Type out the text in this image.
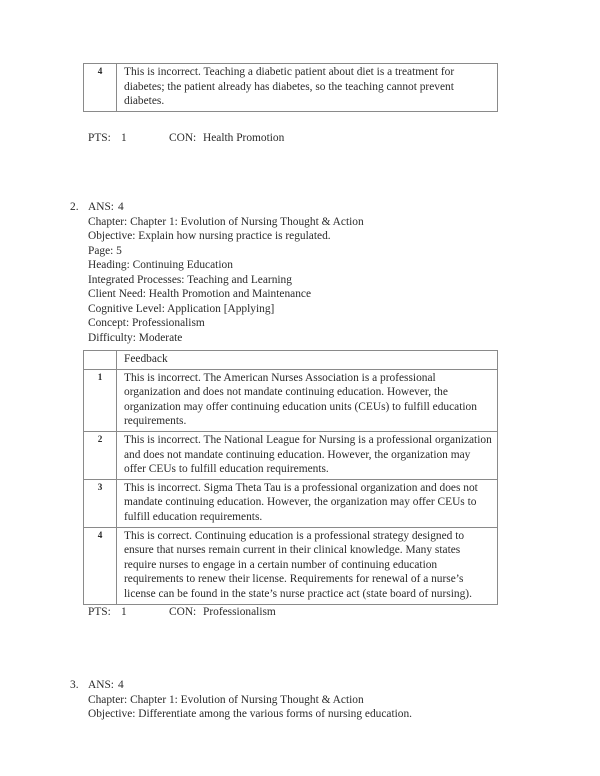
4	This is incorrect. Teaching a diabetic patient about diet is a treatment for diabetes; the patient already has diabetes, so the teaching cannot prevent diabetes.
PTS: 1	CON: Health Promotion
2. ANS: 4
Chapter: Chapter 1: Evolution of Nursing Thought & Action
Objective: Explain how nursing practice is regulated.
Page: 5
Heading: Continuing Education
Integrated Processes: Teaching and Learning
Client Need: Health Promotion and Maintenance
Cognitive Level: Application [Applying]
Concept: Professionalism
Difficulty: Moderate
	Feedback
1	This is incorrect. The American Nurses Association is a professional organization and does not mandate continuing education. However, the organization may offer continuing education units (CEUs) to fulfill education requirements.
2	This is incorrect. The National League for Nursing is a professional organization and does not mandate continuing education. However, the organization may offer CEUs to fulfill education requirements.
3	This is incorrect. Sigma Theta Tau is a professional organization and does not mandate continuing education. However, the organization may offer CEUs to fulfill education requirements.
4	This is correct. Continuing education is a professional strategy designed to ensure that nurses remain current in their clinical knowledge. Many states require nurses to engage in a certain number of continuing education requirements to renew their license. Requirements for renewal of a nurse’s license can be found in the state’s nurse practice act (state board of nursing).
PTS: 1	CON: Professionalism
3. ANS: 4
Chapter: Chapter 1: Evolution of Nursing Thought & Action
Objective: Differentiate among the various forms of nursing education.
